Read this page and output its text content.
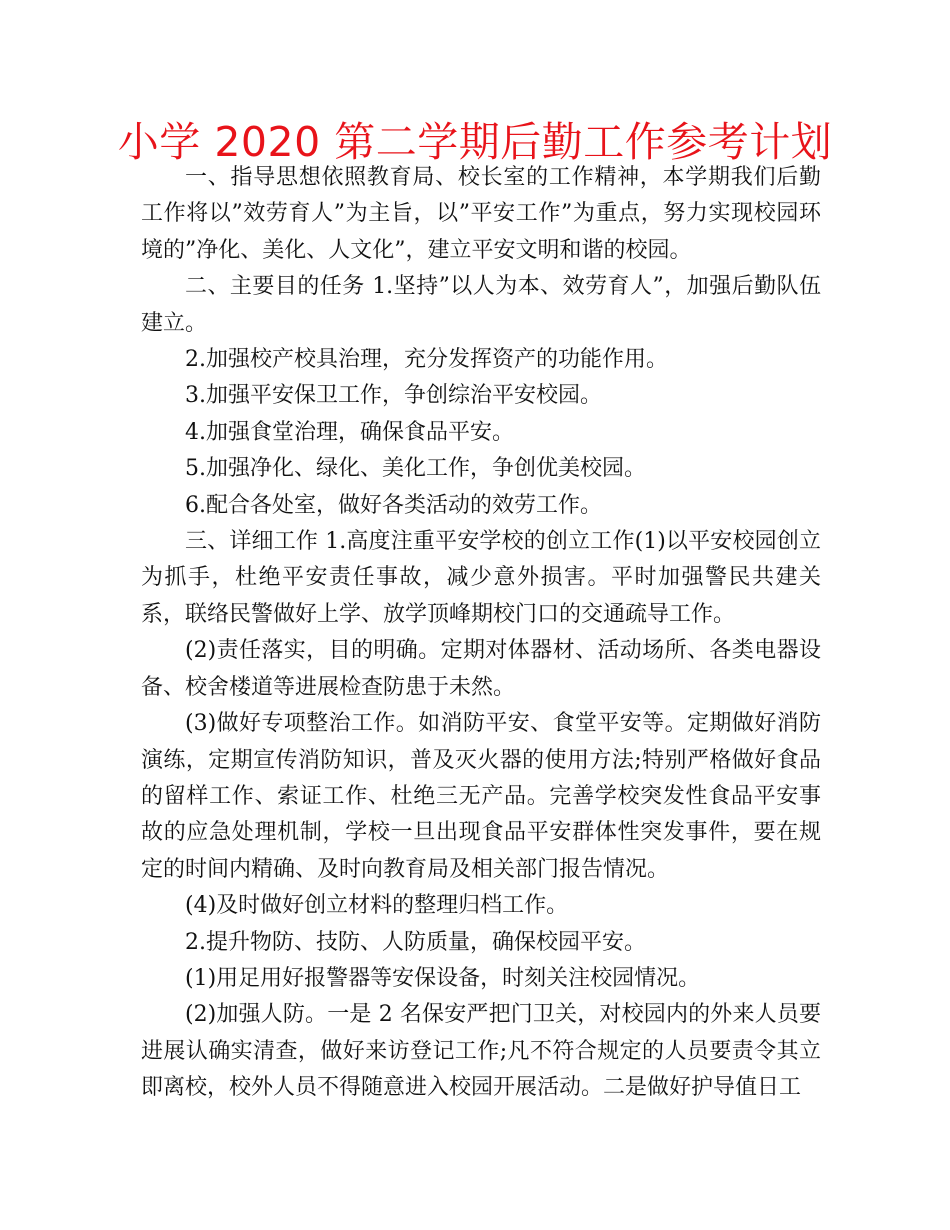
小学 2020 第二学期后勤工作参考计划

一、指导思想依照教育局、校长室的工作精神，本学期我们后勤工作将以”效劳育人”为主旨，以”平安工作”为重点，努力实现校园环境的”净化、美化、人文化”，建立平安文明和谐的校园。

二、主要目的任务 1.坚持”以人为本、效劳育人”，加强后勤队伍建立。

2.加强校产校具治理，充分发挥资产的功能作用。

3.加强平安保卫工作，争创综治平安校园。

4.加强食堂治理，确保食品平安。

5.加强净化、绿化、美化工作，争创优美校园。

6.配合各处室，做好各类活动的效劳工作。

三、详细工作 1.高度注重平安学校的创立工作(1)以平安校园创立为抓手，杜绝平安责任事故，减少意外损害。平时加强警民共建关系，联络民警做好上学、放学顶峰期校门口的交通疏导工作。

(2)责任落实，目的明确。定期对体器材、活动场所、各类电器设备、校舍楼道等进展检查防患于未然。

(3)做好专项整治工作。如消防平安、食堂平安等。定期做好消防演练，定期宣传消防知识，普及灭火器的使用方法;特别严格做好食品的留样工作、索证工作、杜绝三无产品。完善学校突发性食品平安事故的应急处理机制，学校一旦出现食品平安群体性突发事件，要在规定的时间内精确、及时向教育局及相关部门报告情况。

(4)及时做好创立材料的整理归档工作。

2.提升物防、技防、人防质量，确保校园平安。

(1)用足用好报警器等安保设备，时刻关注校园情况。

(2)加强人防。一是 2 名保安严把门卫关，对校园内的外来人员要进展认确实清查，做好来访登记工作;凡不符合规定的人员要责令其立即离校，校外人员不得随意进入校园开展活动。二是做好护导值日工
